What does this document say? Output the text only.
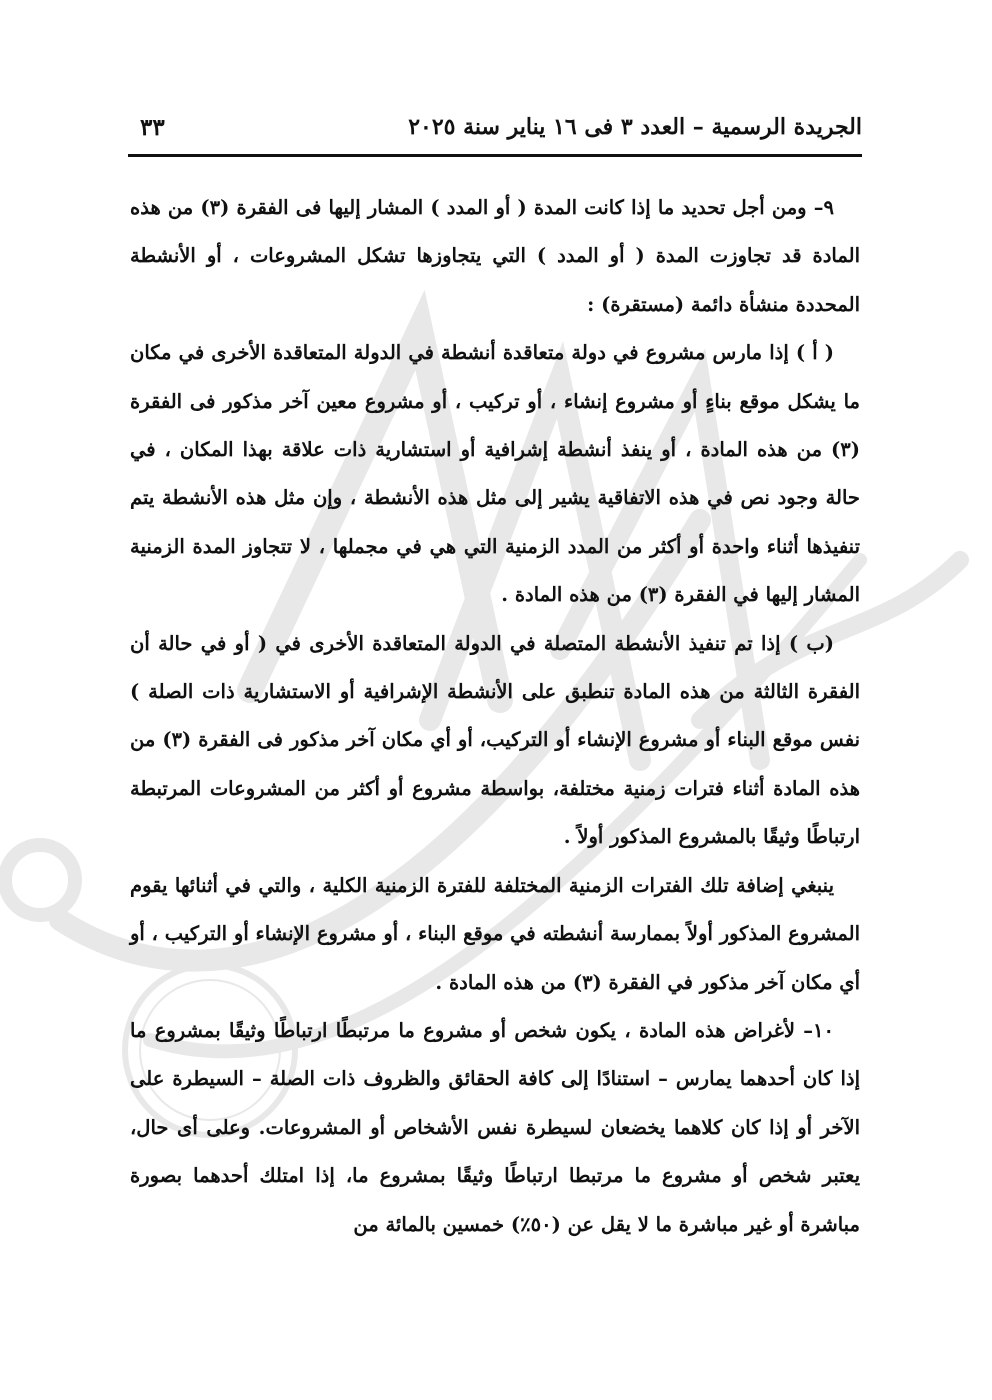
الجريدة الرسمية – العدد ٣ فى ١٦ يناير سنة ٢٠٢٥
٣٣

٩– ومن أجل تحديد ما إذا كانت المدة ( أو المدد ) المشار إليها فى الفقرة (٣) من هذه المادة قد تجاوزت المدة ( أو المدد ) التي يتجاوزها تشكل المشروعات ، أو الأنشطة المحددة منشأة دائمة (مستقرة) :

( أ ) إذا مارس مشروع في دولة متعاقدة أنشطة في الدولة المتعاقدة الأخرى في مكان ما يشكل موقع بناءٍ أو مشروع إنشاء ، أو تركيب ، أو مشروع معين آخر مذكور فى الفقرة (٣) من هذه المادة ، أو ينفذ أنشطة إشرافية أو استشارية ذات علاقة بهذا المكان ، في حالة وجود نص في هذه الاتفاقية يشير إلى مثل هذه الأنشطة ، وإن مثل هذه الأنشطة يتم تنفيذها أثناء واحدة أو أكثر من المدد الزمنية التي هي في مجملها ، لا تتجاوز المدة الزمنية المشار إليها في الفقرة (٣) من هذه المادة .

(ب ) إذا تم تنفيذ الأنشطة المتصلة في الدولة المتعاقدة الأخرى في ( أو في حالة أن الفقرة الثالثة من هذه المادة تنطبق على الأنشطة الإشرافية أو الاستشارية ذات الصلة ) نفس موقع البناء أو مشروع الإنشاء أو التركيب، أو أي مكان آخر مذكور فى الفقرة (٣) من هذه المادة أثناء فترات زمنية مختلفة، بواسطة مشروع أو أكثر من المشروعات المرتبطة ارتباطًا وثيقًا بالمشروع المذكور أولاً .

ينبغي إضافة تلك الفترات الزمنية المختلفة للفترة الزمنية الكلية ، والتي في أثنائها يقوم المشروع المذكور أولاً بممارسة أنشطته في موقع البناء ، أو مشروع الإنشاء أو التركيب ، أو أي مكان آخر مذكور في الفقرة (٣) من هذه المادة .

١٠– لأغراض هذه المادة ، يكون شخص أو مشروع ما مرتبطًا ارتباطًا وثيقًا بمشروع ما إذا كان أحدهما يمارس – استنادًا إلى كافة الحقائق والظروف ذات الصلة – السيطرة على الآخر أو إذا كان كلاهما يخضعان لسيطرة نفس الأشخاص أو المشروعات. وعلى أى حال، يعتبر شخص أو مشروع ما مرتبطا ارتباطًا وثيقًا بمشروع ما، إذا امتلك أحدهما بصورة مباشرة أو غير مباشرة ما لا يقل عن (٥٠٪) خمسين بالمائة من
